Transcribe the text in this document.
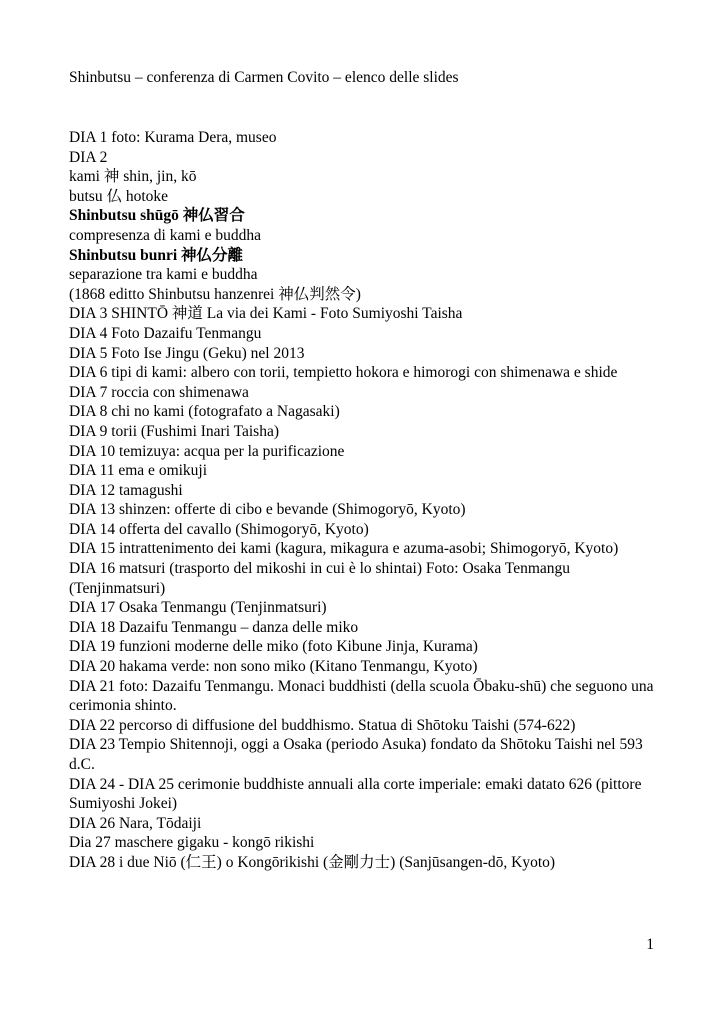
Shinbutsu – conferenza di Carmen Covito – elenco delle slides

DIA 1 foto: Kurama Dera, museo

DIA 2

kami 神 shin, jin, kō

butsu 仏 hotoke

Shinbutsu shūgō 神仏習合

compresenza di kami e buddha

Shinbutsu bunri 神仏分離

separazione tra kami e buddha

(1868 editto Shinbutsu hanzenrei 神仏判然令)

DIA 3 SHINTŌ 神道 La via dei Kami - Foto Sumiyoshi Taisha

DIA 4 Foto Dazaifu Tenmangu

DIA 5 Foto Ise Jingu (Geku) nel 2013

DIA 6 tipi di kami: albero con torii, tempietto hokora e himorogi con shimenawa e shide

DIA 7 roccia con shimenawa

DIA 8 chi no kami (fotografato a Nagasaki)

DIA 9 torii (Fushimi Inari Taisha)

DIA 10 temizuya: acqua per la purificazione

DIA 11 ema e omikuji

DIA 12 tamagushi

DIA 13 shinzen: offerte di cibo e bevande (Shimogoryō, Kyoto)

DIA 14 offerta del cavallo (Shimogoryō, Kyoto)

DIA 15 intrattenimento dei kami (kagura, mikagura e azuma-asobi; Shimogoryō, Kyoto)

DIA 16 matsuri (trasporto del mikoshi in cui è lo shintai) Foto: Osaka Tenmangu (Tenjinmatsuri)

DIA 17 Osaka Tenmangu (Tenjinmatsuri)

DIA 18 Dazaifu Tenmangu – danza delle miko

DIA 19 funzioni moderne delle miko (foto Kibune Jinja, Kurama)

DIA 20 hakama verde: non sono miko (Kitano Tenmangu, Kyoto)

DIA 21 foto: Dazaifu Tenmangu. Monaci buddhisti (della scuola Ōbaku-shū) che seguono una cerimonia shinto.

DIA 22 percorso di diffusione del buddhismo. Statua di Shōtoku Taishi (574-622)

DIA 23 Tempio Shitennoji, oggi a Osaka (periodo Asuka) fondato da Shōtoku Taishi nel 593 d.C.

DIA 24 - DIA 25 cerimonie buddhiste annuali alla corte imperiale: emaki datato 626 (pittore Sumiyoshi Jokei)

DIA 26 Nara, Tōdaiji

Dia 27 maschere gigaku - kongō rikishi

DIA 28 i due Niō (仁王) o Kongōrikishi (金剛力士) (Sanjūsangen-dō, Kyoto)

1
